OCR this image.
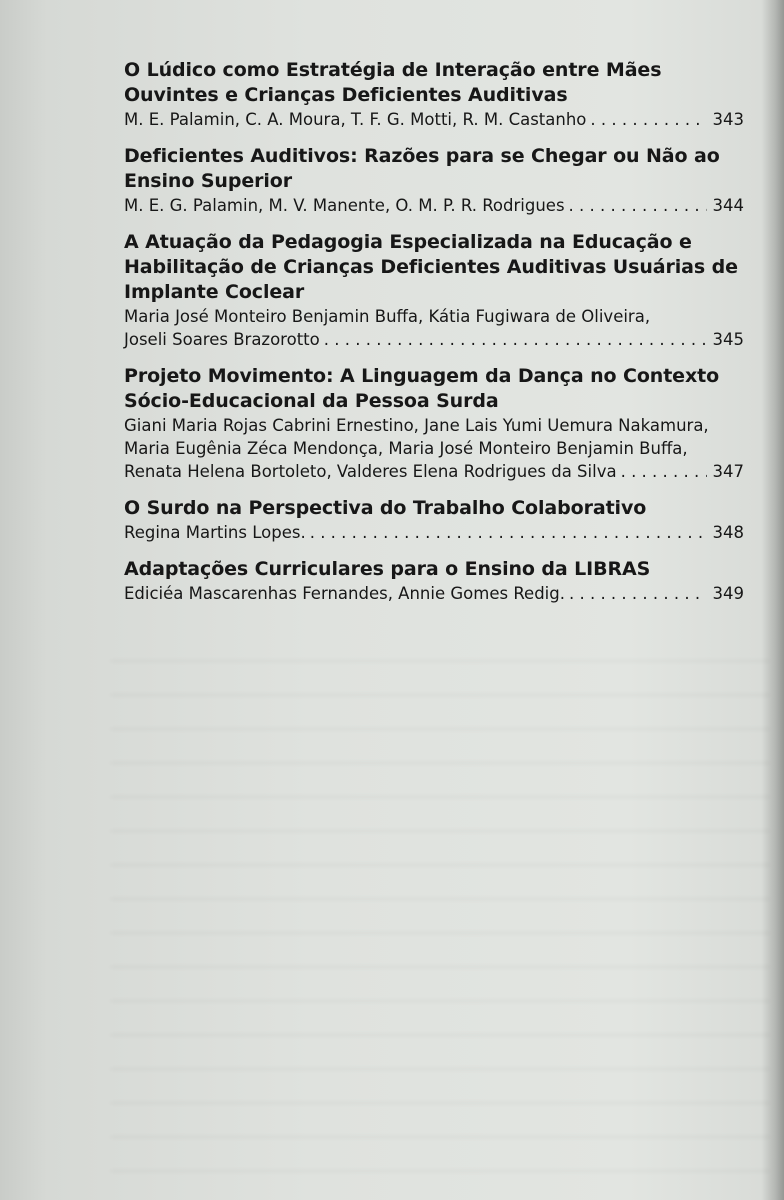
O Lúdico como Estratégia de Interação entre Mães Ouvintes e Crianças Deficientes Auditivas
M. E. Palamin, C. A. Moura, T. F. G. Motti, R. M. Castanho . . .	343
Deficientes Auditivos: Razões para se Chegar ou Não ao Ensino Superior
M. E. G. Palamin, M. V. Manente, O. M. P. R. Rodrigues . . .	344
A Atuação da Pedagogia Especializada na Educação e Habilitação de Crianças Deficientes Auditivas Usuárias de Implante Coclear
Maria José Monteiro Benjamin Buffa, Kátia Fugiwara de Oliveira,
Joseli Soares Brazorotto . . .	345
Projeto Movimento: A Linguagem da Dança no Contexto Sócio-Educacional da Pessoa Surda
Giani Maria Rojas Cabrini Ernestino, Jane Lais Yumi Uemura Nakamura,
Maria Eugênia Zéca Mendonça, Maria José Monteiro Benjamin Buffa,
Renata Helena Bortoleto, Valderes Elena Rodrigues da Silva . . .	347
O Surdo na Perspectiva do Trabalho Colaborativo
Regina Martins Lopes. . . .	348
Adaptações Curriculares para o Ensino da LIBRAS
Ediciéa Mascarenhas Fernandes, Annie Gomes Redig. . . .	349
